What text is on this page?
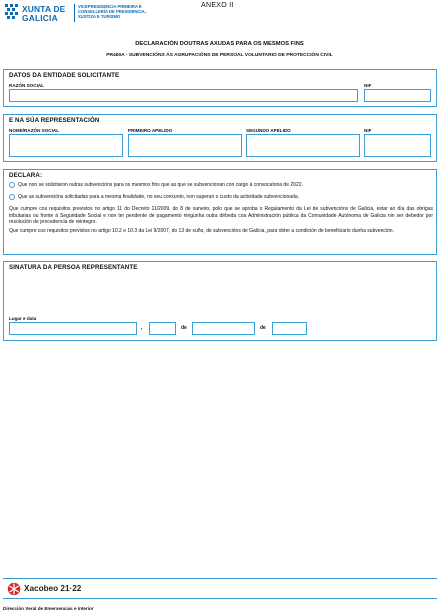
XUNTA DE GALICIA
VICEPRESIDENCIA PRIMEIRA E
CONSELLERÍA DE PRESIDENCIA,
XUSTIZA E TURISMO
ANEXO II
DECLARACIÓN DOUTRAS AXUDAS PARA OS MESMOS FINS
PR460A - SUBVENCIÓNS ÁS AGRUPACIÓNS DE PERSOAL VOLUNTARIO DE PROTECCIÓN CIVIL
DATOS DA ENTIDADE SOLICITANTE
RAZÓN SOCIAL	NIF
E NA SÚA REPRESENTACIÓN
NOME/RAZÓN SOCIAL	PRIMEIRO APELIDO	SEGUNDO APELIDO	NIF
DECLARA:
Que non se solicitaron outras subvencións para os mesmos fins que as que se subvencionan con cargo á convocatoria de 2022.
Que as subvencións solicitadas para a mesma finalidade, no seu conxunto, non superan o custo da actividade subvencionada.
Que cumpre cos requisitos previstos no artigo 11 do Decreto 11/2009, do 8 de xaneiro, polo que se aproba o Regulamento da Lei de subvencións de Galicia, estar ao día das obrigas tributarias ou fronte á Seguridade Social e non ter pendente de pagamento ningunha outra débeda coa Administración pública da Comunidade Autónoma de Galicia nin ser debedor por resolución de procedencia de reintegro.
Que cumpre cos requisitos previstos no artigo 10.2 e 10.3 da Lei 9/2007, do 13 de xuño, de subvencións de Galicia, para obter a condición de beneficiario dunha subvención.
SINATURA DA PERSOA REPRESENTANTE
Lugar e data
,	de	de
Xacobeo 21·22
Dirección Xeral de Emerxencias e Interior
